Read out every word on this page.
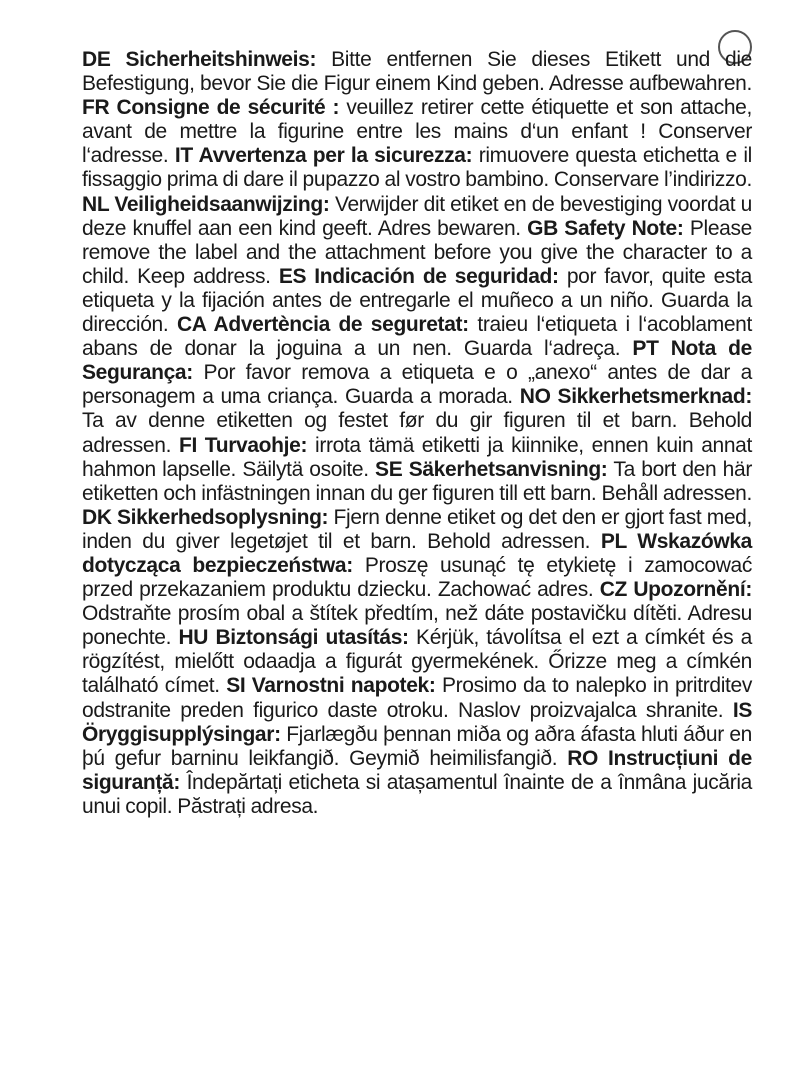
DE Sicherheitshinweis: Bitte entfernen Sie dieses Etikett und die Befestigung, bevor Sie die Figur einem Kind geben. Adresse aufbewahren. FR Consigne de sécurité : veuillez retirer cette étiquette et son attache, avant de mettre la figurine entre les mains d‘un enfant ! Conserver l‘adresse. IT Avvertenza per la sicurezza: rimuovere questa etichetta e il fissaggio prima di dare il pupazzo al vostro bambino. Conservare l’indirizzo. NL Veiligheidsaanwijzing: Verwijder dit etiket en de bevestiging voordat u deze knuffel aan een kind geeft. Adres bewaren. GB Safety Note: Please remove the label and the attachment before you give the character to a child. Keep address. ES Indicación de seguridad: por favor, quite esta etiqueta y la fijación antes de entregarle el muñeco a un niño. Guarda la dirección. CA Advertència de seguretat: traieu l‘etiqueta i l‘acoblament abans de donar la joguina a un nen. Guarda l‘adreça. PT Nota de Segurança: Por favor remova a etiqueta e o „anexo“ antes de dar a personagem a uma criança. Guarda a morada. NO Sikkerhetsmerknad: Ta av denne etiketten og festet før du gir figuren til et barn. Behold adressen. FI Turvaohje: irrota tämä etiketti ja kiinnike, ennen kuin annat hahmon lapselle. Säilytä osoite. SE Säkerhetsanvisning: Ta bort den här etiketten och infästningen innan du ger figuren till ett barn. Behåll adressen. DK Sikkerhedsoplysning: Fjern denne etiket og det den er gjort fast med, inden du giver legetøjet til et barn. Behold adressen. PL Wskazówka dotycząca bezpieczeństwa: Proszę usunąć tę etykietę i zamocować przed przekazaniem produktu dziecku. Zachować adres. CZ Upozornění: Odstraňte prosím obal a štítek předtím, než dáte postavičku dítěti. Adresu ponechte. HU Biztonsági utasítás: Kérjük, távolítsa el ezt a címkét és a rögzítést, mielőtt odaadja a figurát gyermekének. Őrizze meg a címkén található címet. SI Varnostni napotek: Prosimo da to nalepko in pritrditev odstranite preden figurico daste otroku. Naslov proizvajalca shranite. IS Öryggisupplýsingar: Fjarlægðu þennan miða og aðra áfasta hluti áður en þú gefur barninu leikfangið. Geymið heimilisfangið. RO Instrucțiuni de siguranță: Îndepărtați eticheta si atașamentul înainte de a înmâna jucăria unui copil. Păstrați adresa.
